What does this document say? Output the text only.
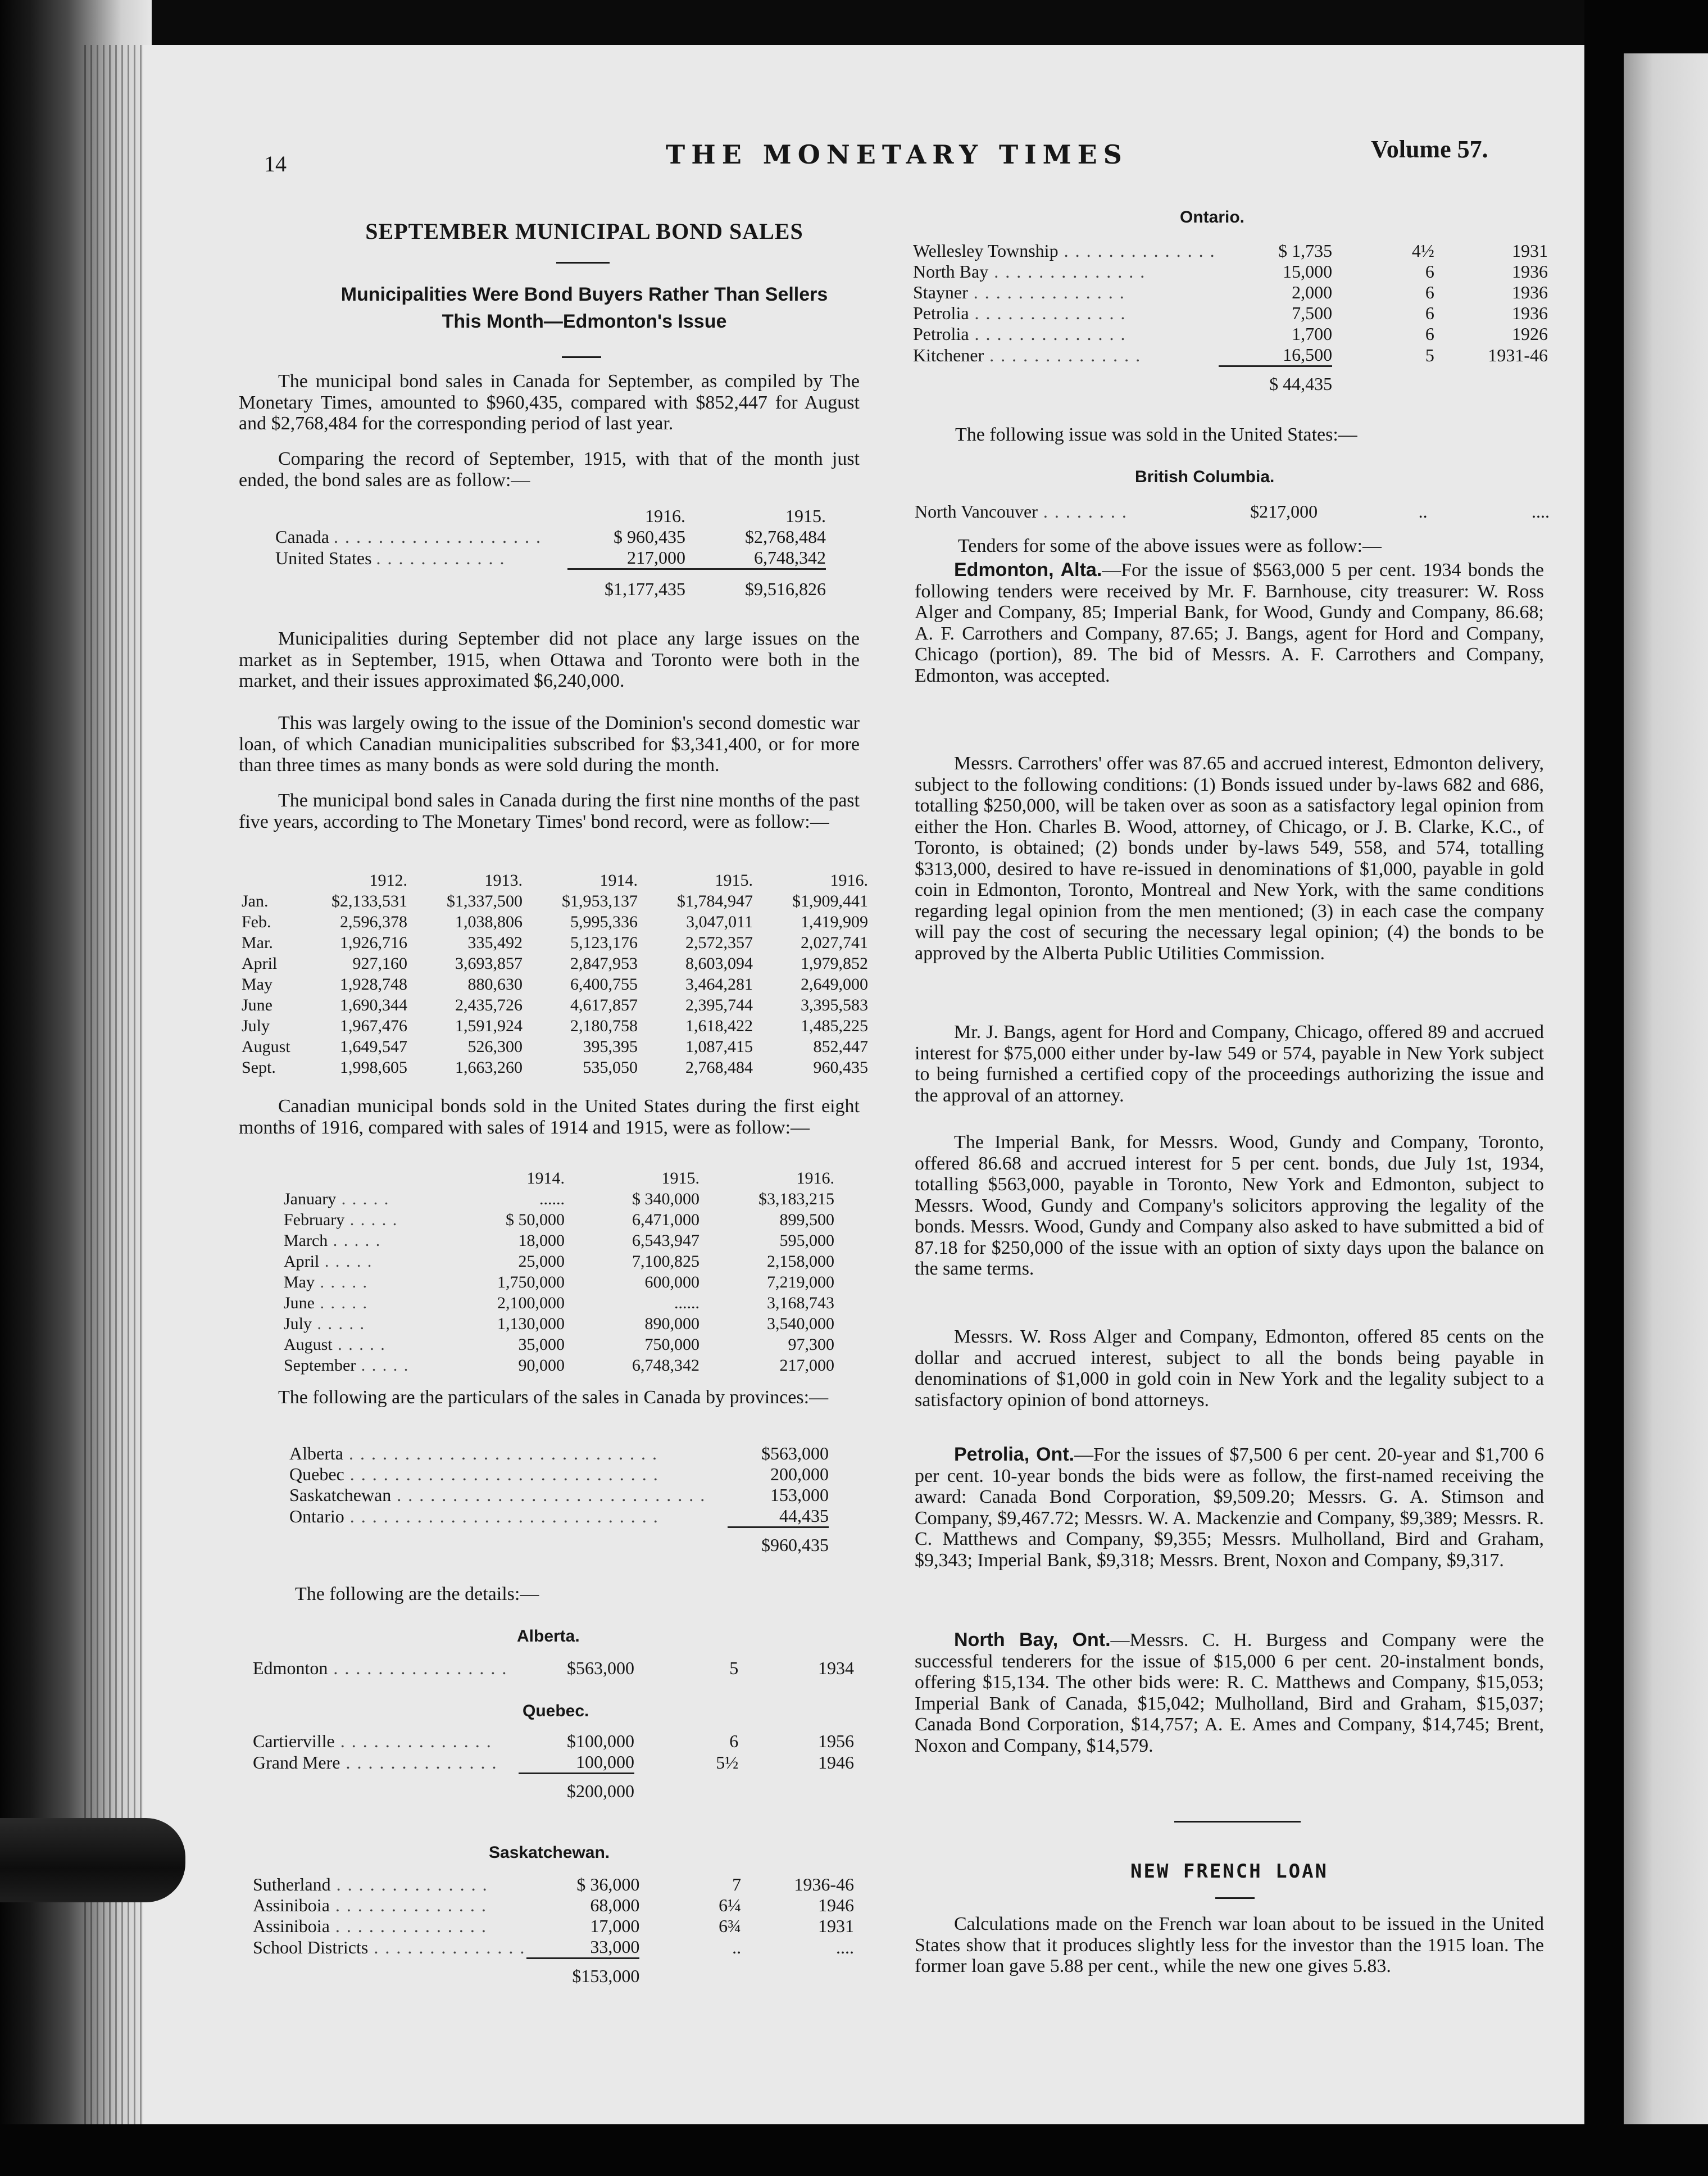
14	THE MONETARY TIMES	Volume 57.
SEPTEMBER MUNICIPAL BOND SALES
Municipalities Were Bond Buyers Rather Than Sellers
This Month—Edmonton's Issue

The municipal bond sales in Canada for September, as compiled by The Monetary Times, amounted to $960,435, compared with $852,447 for August and $2,768,484 for the corresponding period of last year.

Comparing the record of September, 1915, with that of the month just ended, the bond sales are as follow:—

	1916.	1915.
Canada . . . . . . . . . . . . . . . . . . .	$ 960,435	$2,768,484
United States . . . . . . . . . . . .	217,000	6,748,342
	$1,177,435	$9,516,826

Municipalities during September did not place any large issues on the market as in September, 1915, when Ottawa and Toronto were both in the market, and their issues approximated $6,240,000.

This was largely owing to the issue of the Dominion's second domestic war loan, of which Canadian municipalities subscribed for $3,341,400, or for more than three times as many bonds as were sold during the month.

The municipal bond sales in Canada during the first nine months of the past five years, according to The Monetary Times' bond record, were as follow:—

	1912.	1913.	1914.	1915.	1916.
Jan.	$2,133,531	$1,337,500	$1,953,137	$1,784,947	$1,909,441
Feb.	2,596,378	1,038,806	5,995,336	3,047,011	1,419,909
Mar.	1,926,716	335,492	5,123,176	2,572,357	2,027,741
April	927,160	3,693,857	2,847,953	8,603,094	1,979,852
May	1,928,748	880,630	6,400,755	3,464,281	2,649,000
June	1,690,344	2,435,726	4,617,857	2,395,744	3,395,583
July	1,967,476	1,591,924	2,180,758	1,618,422	1,485,225
August	1,649,547	526,300	395,395	1,087,415	852,447
Sept.	1,998,605	1,663,260	535,050	2,768,484	960,435

Canadian municipal bonds sold in the United States during the first eight months of 1916, compared with sales of 1914 and 1915, were as follow:—

	1914.	1915.	1916.
January . . . . .	......	$ 340,000	$3,183,215
February . . . . .	$ 50,000	6,471,000	899,500
March . . . . .	18,000	6,543,947	595,000
April . . . . .	25,000	7,100,825	2,158,000
May . . . . .	1,750,000	600,000	7,219,000
June . . . . .	2,100,000	......	3,168,743
July . . . . .	1,130,000	890,000	3,540,000
August . . . . .	35,000	750,000	97,300
September . . . . .	90,000	6,748,342	217,000

The following are the particulars of the sales in Canada by provinces:—

Alberta . . . . . . . . . . . . . . . . . . . . . . . . . . . .	$563,000
Quebec . . . . . . . . . . . . . . . . . . . . . . . . . . . .	200,000
Saskatchewan . . . . . . . . . . . . . . . . . . . . . . . . . . . .	153,000
Ontario . . . . . . . . . . . . . . . . . . . . . . . . . . . .	44,435
	$960,435

The following are the details:—

Alberta.
Edmonton . . . . . . . . . . . . . . . .	$563,000	5	1934
Quebec.
Cartierville . . . . . . . . . . . . . .	$100,000	6	1956
Grand Mere . . . . . . . . . . . . . .	100,000	5½	1946
	$200,000		
Saskatchewan.
Sutherland . . . . . . . . . . . . . .	$ 36,000	7	1936-46
Assiniboia . . . . . . . . . . . . . .	68,000	6¼	1946
Assiniboia . . . . . . . . . . . . . .	17,000	6¾	1931
School Districts . . . . . . . . . . . . . .	33,000	..	....
	$153,000		
Ontario.
Wellesley Township . . . . . . . . . . . . . .	$ 1,735	4½	1931
North Bay . . . . . . . . . . . . . .	15,000	6	1936
Stayner . . . . . . . . . . . . . .	2,000	6	1936
Petrolia . . . . . . . . . . . . . .	7,500	6	1936
Petrolia . . . . . . . . . . . . . .	1,700	6	1926
Kitchener . . . . . . . . . . . . . .	16,500	5	1931-46
	$ 44,435		

The following issue was sold in the United States:—

British Columbia.
North Vancouver . . . . . . . .	$217,000	..	....

Tenders for some of the above issues were as follow:—

Edmonton, Alta.—For the issue of $563,000 5 per cent. 1934 bonds the following tenders were received by Mr. F. Barnhouse, city treasurer: W. Ross Alger and Company, 85; Imperial Bank, for Wood, Gundy and Company, 86.68; A. F. Carrothers and Company, 87.65; J. Bangs, agent for Hord and Company, Chicago (portion), 89. The bid of Messrs. A. F. Carrothers and Company, Edmonton, was accepted.

Messrs. Carrothers' offer was 87.65 and accrued interest, Edmonton delivery, subject to the following conditions: (1) Bonds issued under by-laws 682 and 686, totalling $250,000, will be taken over as soon as a satisfactory legal opinion from either the Hon. Charles B. Wood, attorney, of Chicago, or J. B. Clarke, K.C., of Toronto, is obtained; (2) bonds under by-laws 549, 558, and 574, totalling $313,000, desired to have re-issued in denominations of $1,000, payable in gold coin in Edmonton, Toronto, Montreal and New York, with the same conditions regarding legal opinion from the men mentioned; (3) in each case the company will pay the cost of securing the necessary legal opinion; (4) the bonds to be approved by the Alberta Public Utilities Commission.

Mr. J. Bangs, agent for Hord and Company, Chicago, offered 89 and accrued interest for $75,000 either under by-law 549 or 574, payable in New York subject to being furnished a certified copy of the proceedings authorizing the issue and the approval of an attorney.

The Imperial Bank, for Messrs. Wood, Gundy and Company, Toronto, offered 86.68 and accrued interest for 5 per cent. bonds, due July 1st, 1934, totalling $563,000, payable in Toronto, New York and Edmonton, subject to Messrs. Wood, Gundy and Company's solicitors approving the legality of the bonds. Messrs. Wood, Gundy and Company also asked to have submitted a bid of 87.18 for $250,000 of the issue with an option of sixty days upon the balance on the same terms.

Messrs. W. Ross Alger and Company, Edmonton, offered 85 cents on the dollar and accrued interest, subject to all the bonds being payable in denominations of $1,000 in gold coin in New York and the legality subject to a satisfactory opinion of bond attorneys.

Petrolia, Ont.—For the issues of $7,500 6 per cent. 20-year and $1,700 6 per cent. 10-year bonds the bids were as follow, the first-named receiving the award: Canada Bond Corporation, $9,509.20; Messrs. G. A. Stimson and Company, $9,467.72; Messrs. W. A. Mackenzie and Company, $9,389; Messrs. R. C. Matthews and Company, $9,355; Messrs. Mulholland, Bird and Graham, $9,343; Imperial Bank, $9,318; Messrs. Brent, Noxon and Company, $9,317.

North Bay, Ont.—Messrs. C. H. Burgess and Company were the successful tenderers for the issue of $15,000 6 per cent. 20-instalment bonds, offering $15,134. The other bids were: R. C. Matthews and Company, $15,053; Imperial Bank of Canada, $15,042; Mulholland, Bird and Graham, $15,037; Canada Bond Corporation, $14,757; A. E. Ames and Company, $14,745; Brent, Noxon and Company, $14,579.

NEW FRENCH LOAN

Calculations made on the French war loan about to be issued in the United States show that it produces slightly less for the investor than the 1915 loan. The former loan gave 5.88 per cent., while the new one gives 5.83.
